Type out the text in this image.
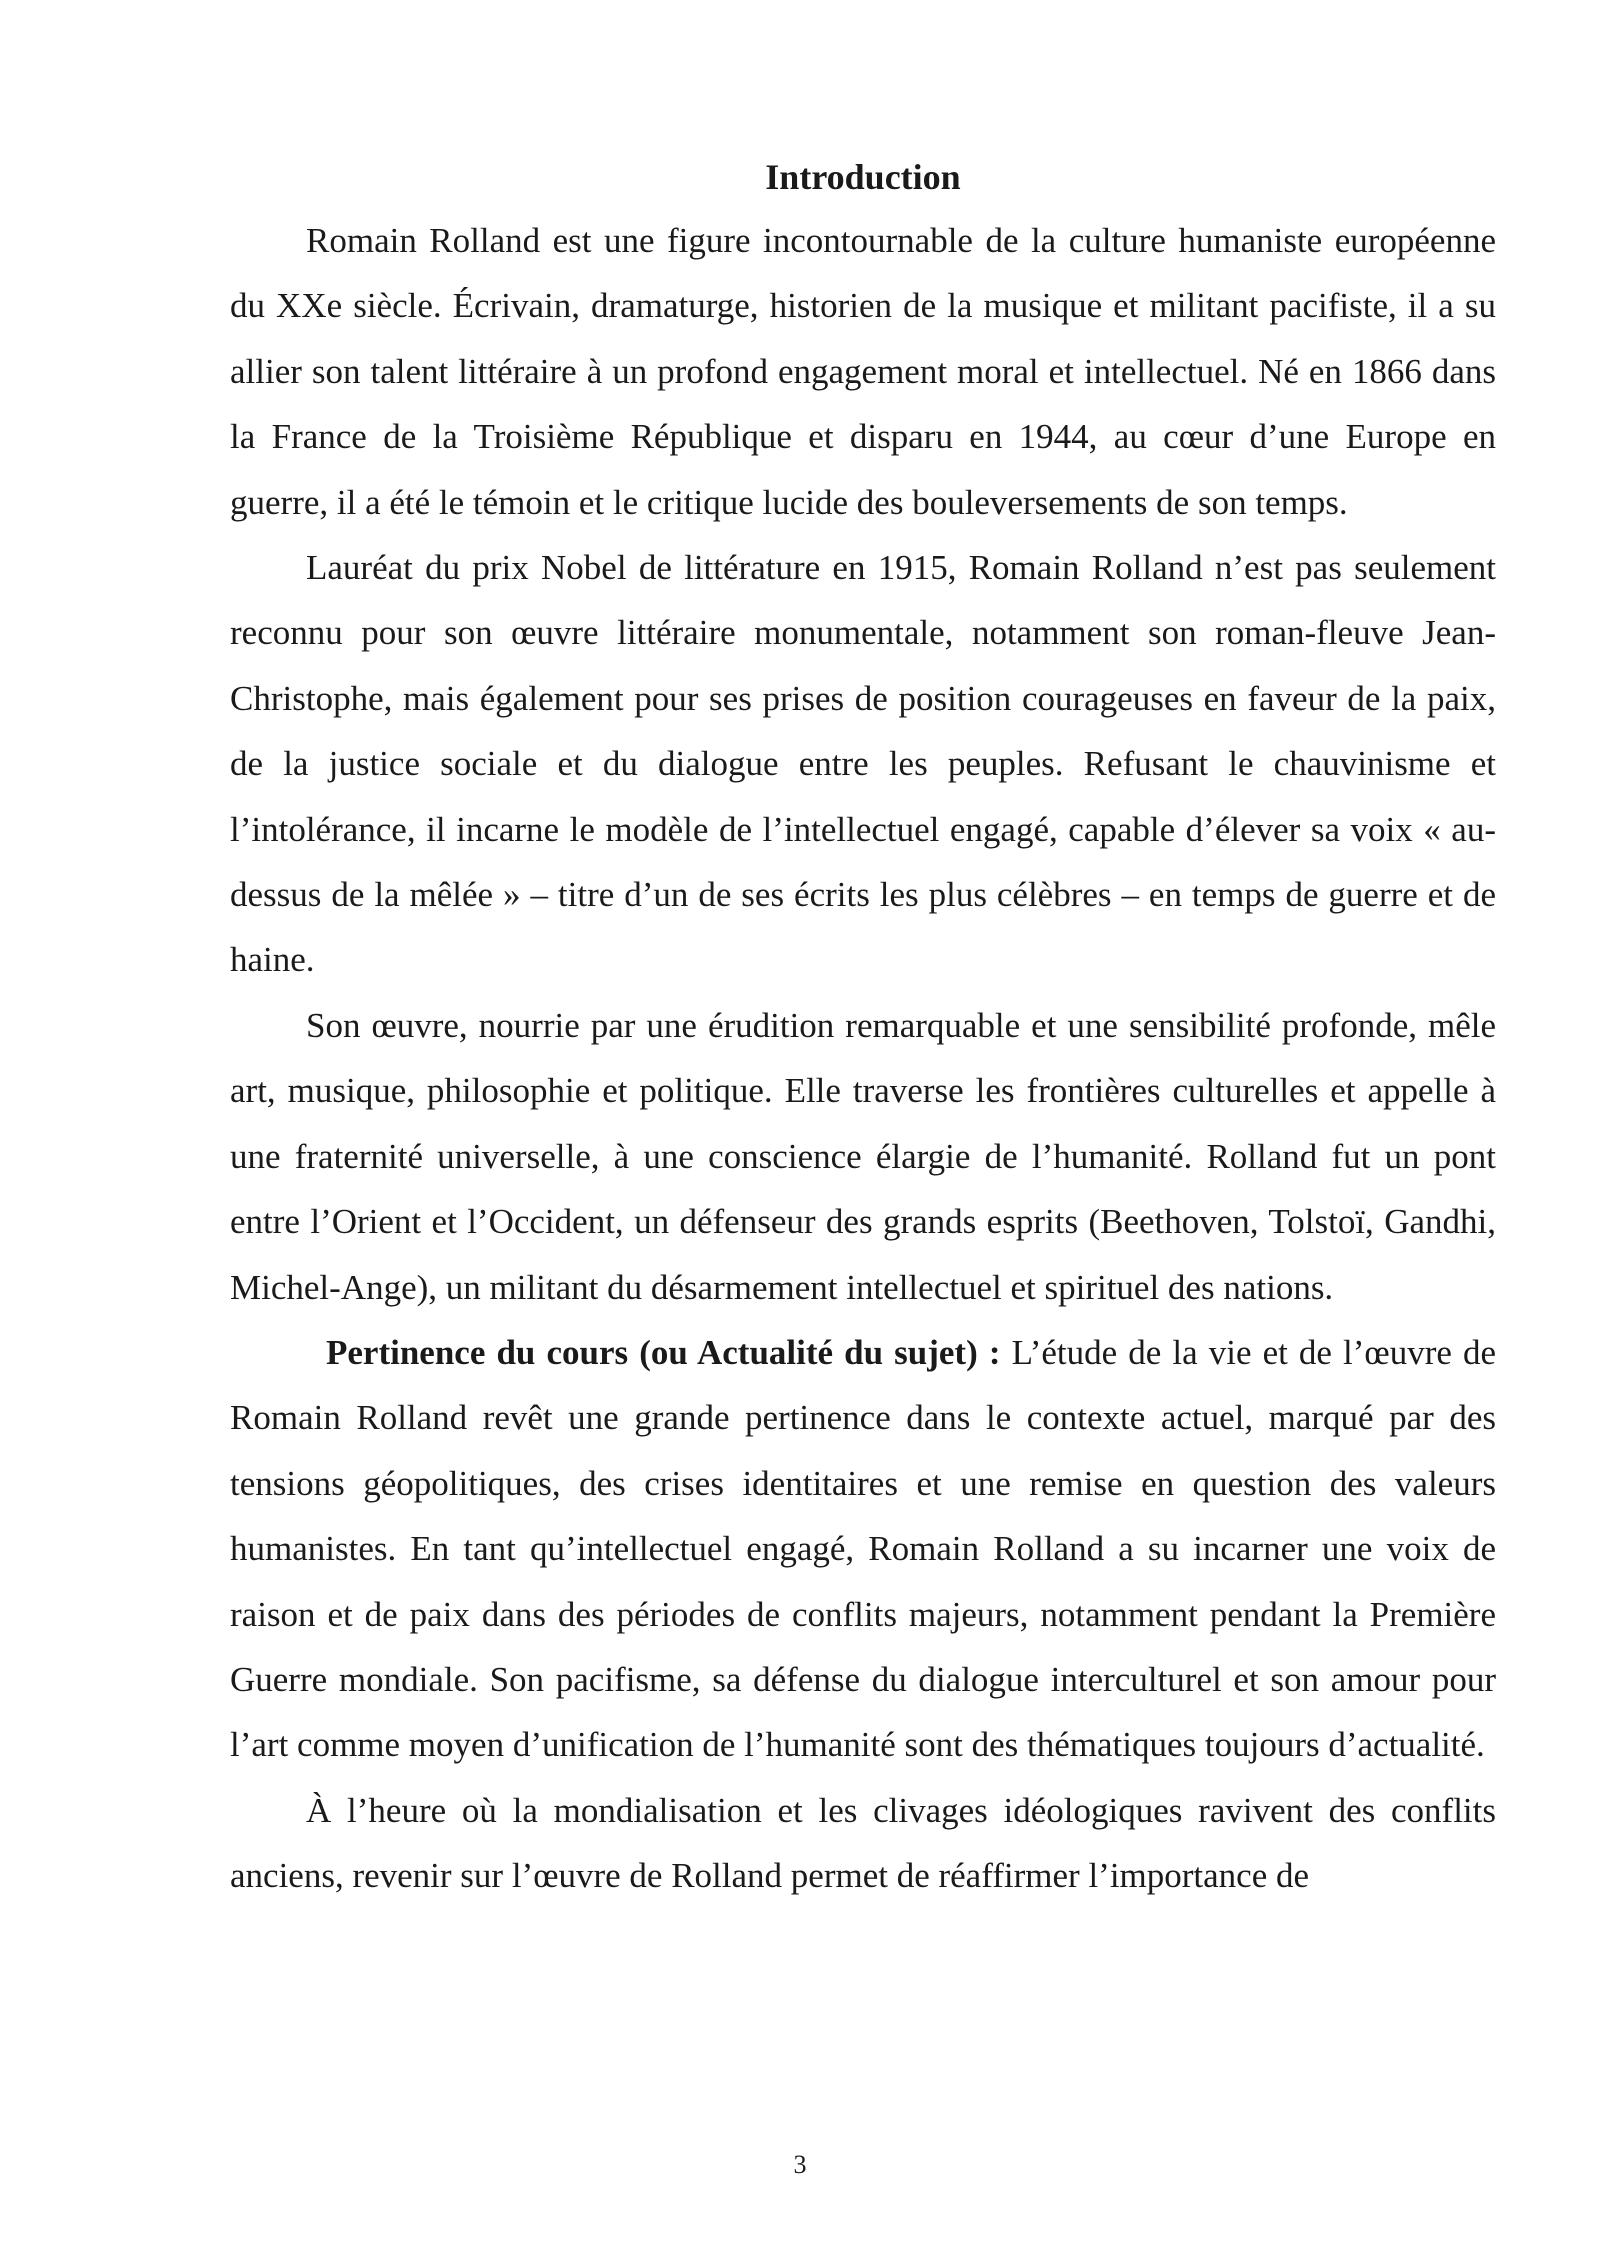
Introduction

Romain Rolland est une figure incontournable de la culture humaniste européenne du XXe siècle. Écrivain, dramaturge, historien de la musique et militant pacifiste, il a su allier son talent littéraire à un profond engagement moral et intellectuel. Né en 1866 dans la France de la Troisième République et disparu en 1944, au cœur d’une Europe en guerre, il a été le témoin et le critique lucide des bouleversements de son temps.

Lauréat du prix Nobel de littérature en 1915, Romain Rolland n’est pas seulement reconnu pour son œuvre littéraire monumentale, notamment son roman-fleuve Jean-Christophe, mais également pour ses prises de position courageuses en faveur de la paix, de la justice sociale et du dialogue entre les peuples. Refusant le chauvinisme et l’intolérance, il incarne le modèle de l’intellectuel engagé, capable d’élever sa voix « au-dessus de la mêlée » – titre d’un de ses écrits les plus célèbres – en temps de guerre et de haine.

Son œuvre, nourrie par une érudition remarquable et une sensibilité profonde, mêle art, musique, philosophie et politique. Elle traverse les frontières culturelles et appelle à une fraternité universelle, à une conscience élargie de l’humanité. Rolland fut un pont entre l’Orient et l’Occident, un défenseur des grands esprits (Beethoven, Tolstoï, Gandhi, Michel-Ange), un militant du désarmement intellectuel et spirituel des nations.

Pertinence du cours (ou Actualité du sujet) : L’étude de la vie et de l’œuvre de Romain Rolland revêt une grande pertinence dans le contexte actuel, marqué par des tensions géopolitiques, des crises identitaires et une remise en question des valeurs humanistes. En tant qu’intellectuel engagé, Romain Rolland a su incarner une voix de raison et de paix dans des périodes de conflits majeurs, notamment pendant la Première Guerre mondiale. Son pacifisme, sa défense du dialogue interculturel et son amour pour l’art comme moyen d’unification de l’humanité sont des thématiques toujours d’actualité.

À l’heure où la mondialisation et les clivages idéologiques ravivent des conflits anciens, revenir sur l’œuvre de Rolland permet de réaffirmer l’importance de

3
